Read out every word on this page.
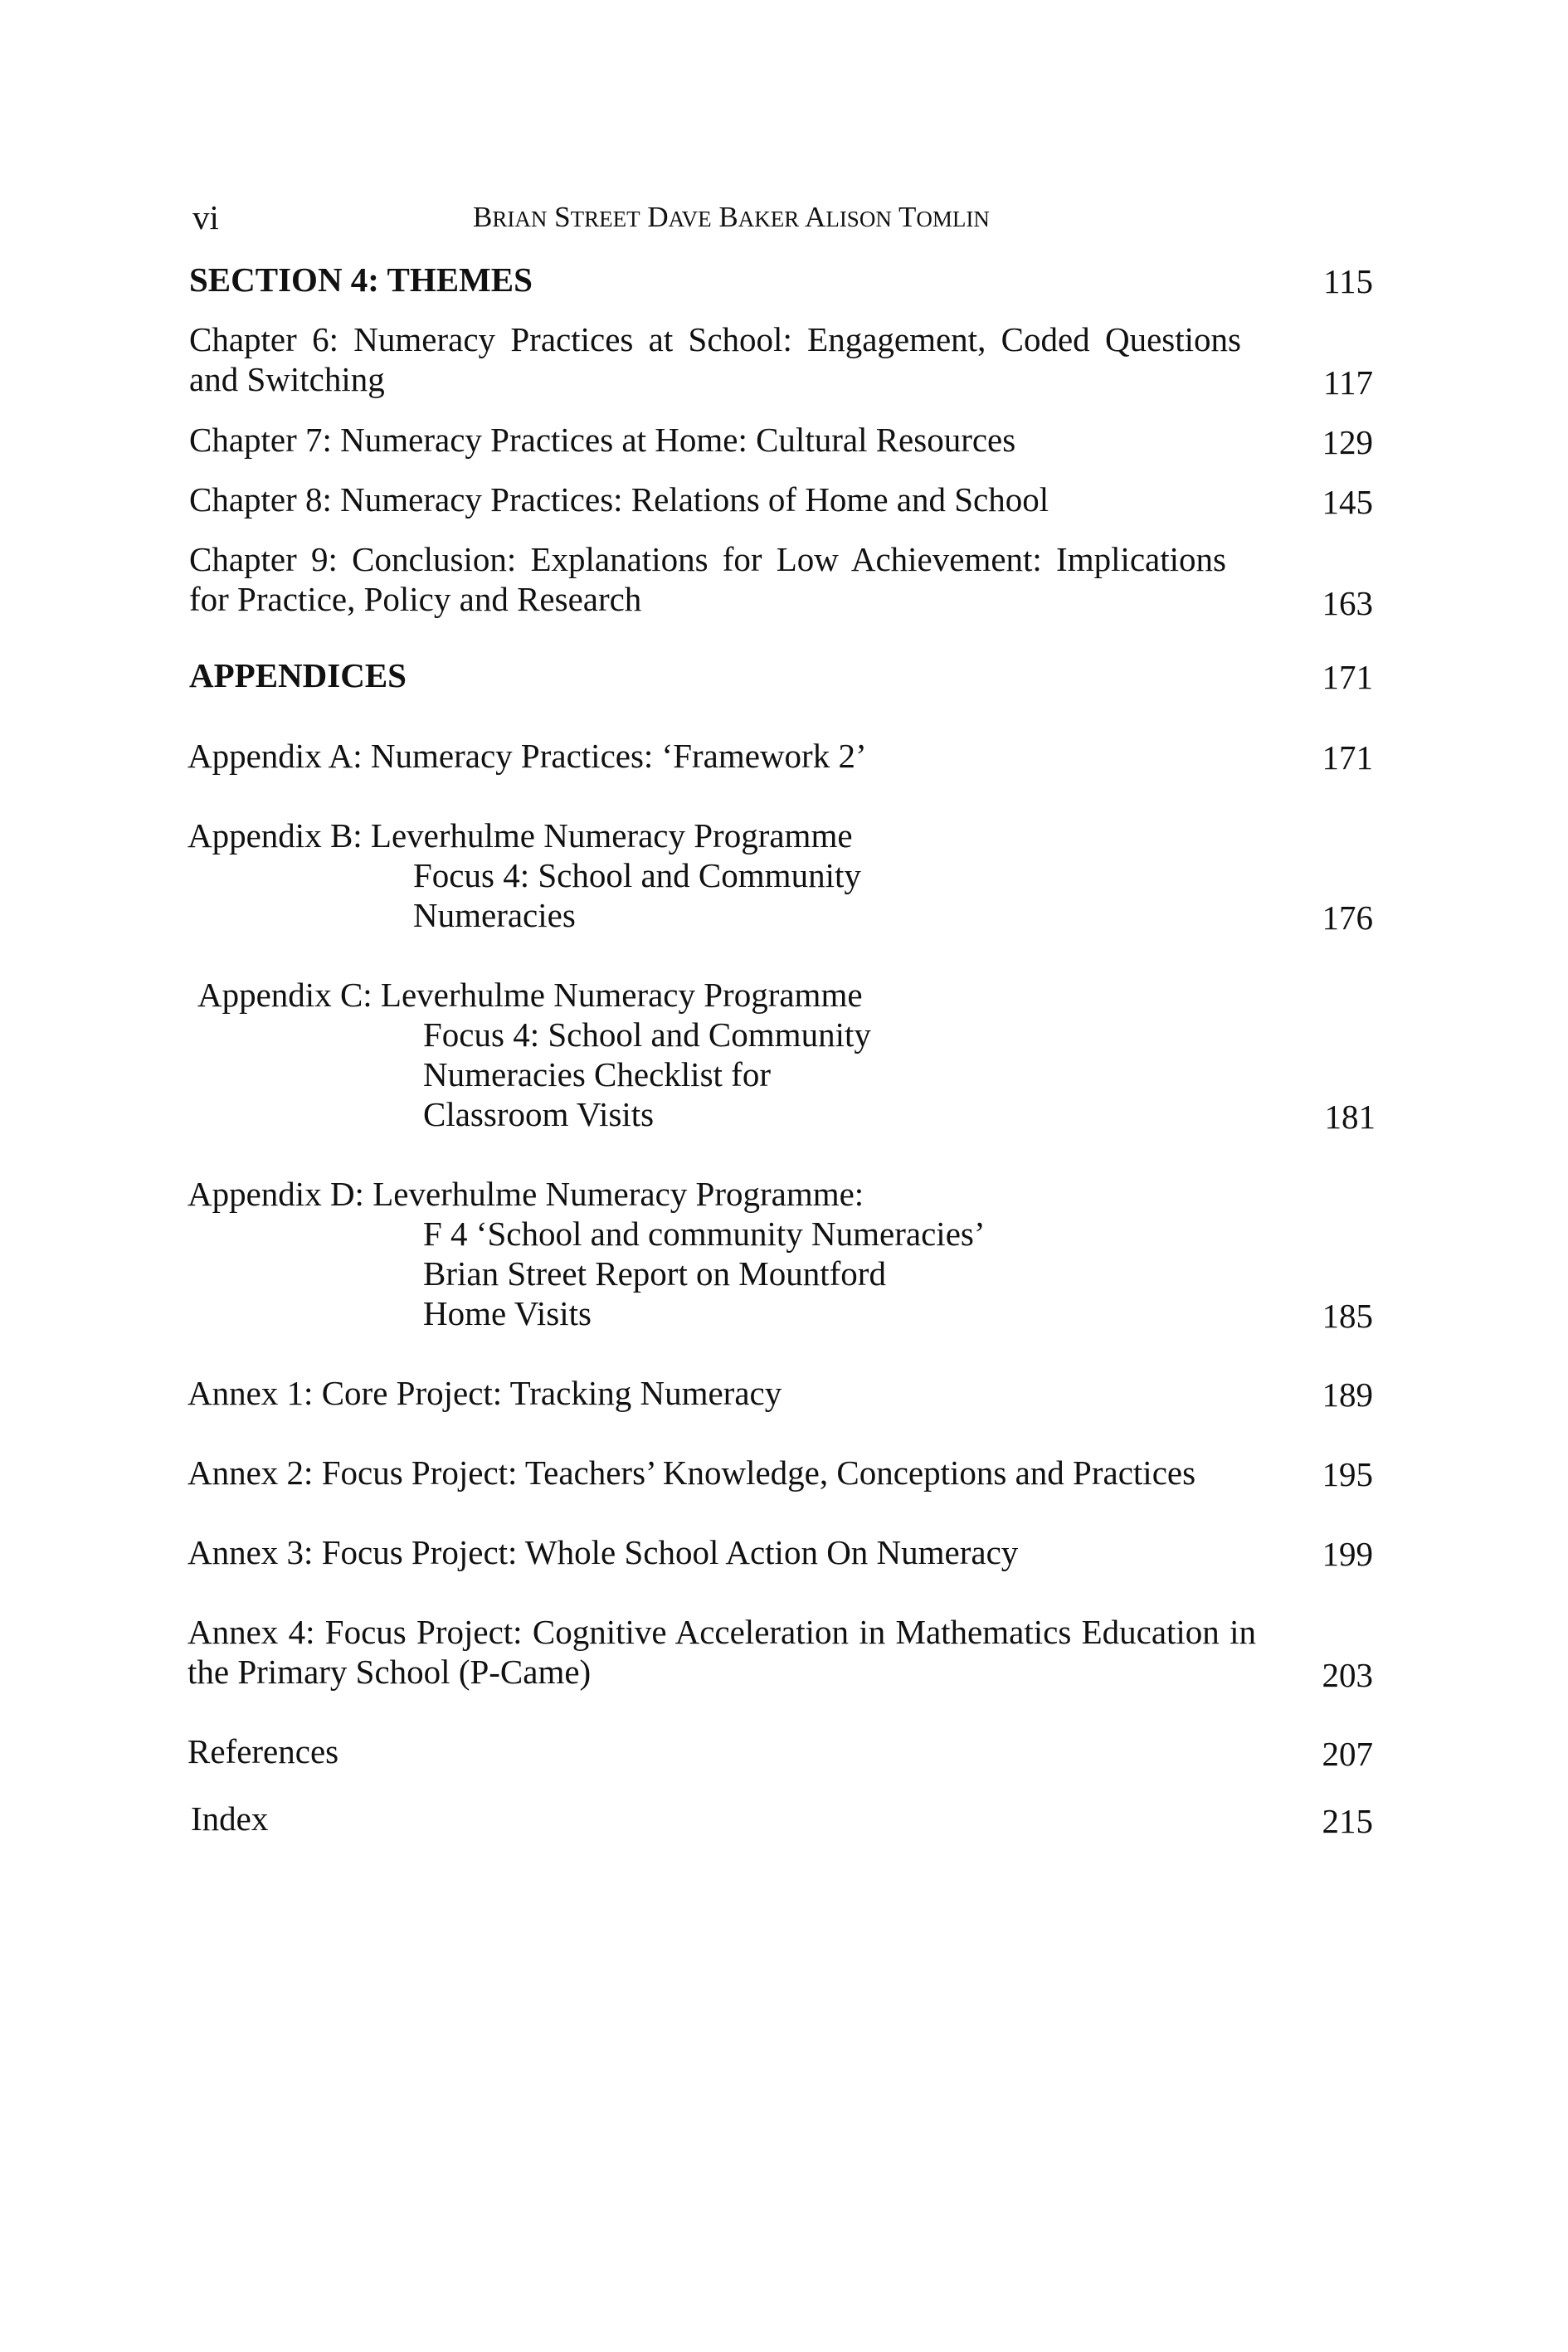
vi	BRIAN STREET DAVE BAKER ALISON TOMLIN
SECTION 4: THEMES	115
Chapter 6: Numeracy Practices at School: Engagement, Coded Questions
and Switching	117
Chapter 7: Numeracy Practices at Home: Cultural Resources	129
Chapter 8: Numeracy Practices: Relations of Home and School	145
Chapter 9: Conclusion: Explanations for Low Achievement: Implications
for Practice, Policy and Research	163
APPENDICES	171
Appendix A: Numeracy Practices: ‘Framework 2’	171
Appendix B: Leverhulme Numeracy Programme
Focus 4: School and Community
Numeracies	176
Appendix C: Leverhulme Numeracy Programme
Focus 4: School and Community
Numeracies Checklist for
Classroom Visits	181
Appendix D: Leverhulme Numeracy Programme:
F 4 ‘School and community Numeracies’
Brian Street Report on Mountford
Home Visits	185
Annex 1: Core Project: Tracking Numeracy	189
Annex 2: Focus Project: Teachers’ Knowledge, Conceptions and Practices	195
Annex 3: Focus Project: Whole School Action On Numeracy	199
Annex 4: Focus Project: Cognitive Acceleration in Mathematics Education in
the Primary School (P-Came)	203
References	207
Index	215
